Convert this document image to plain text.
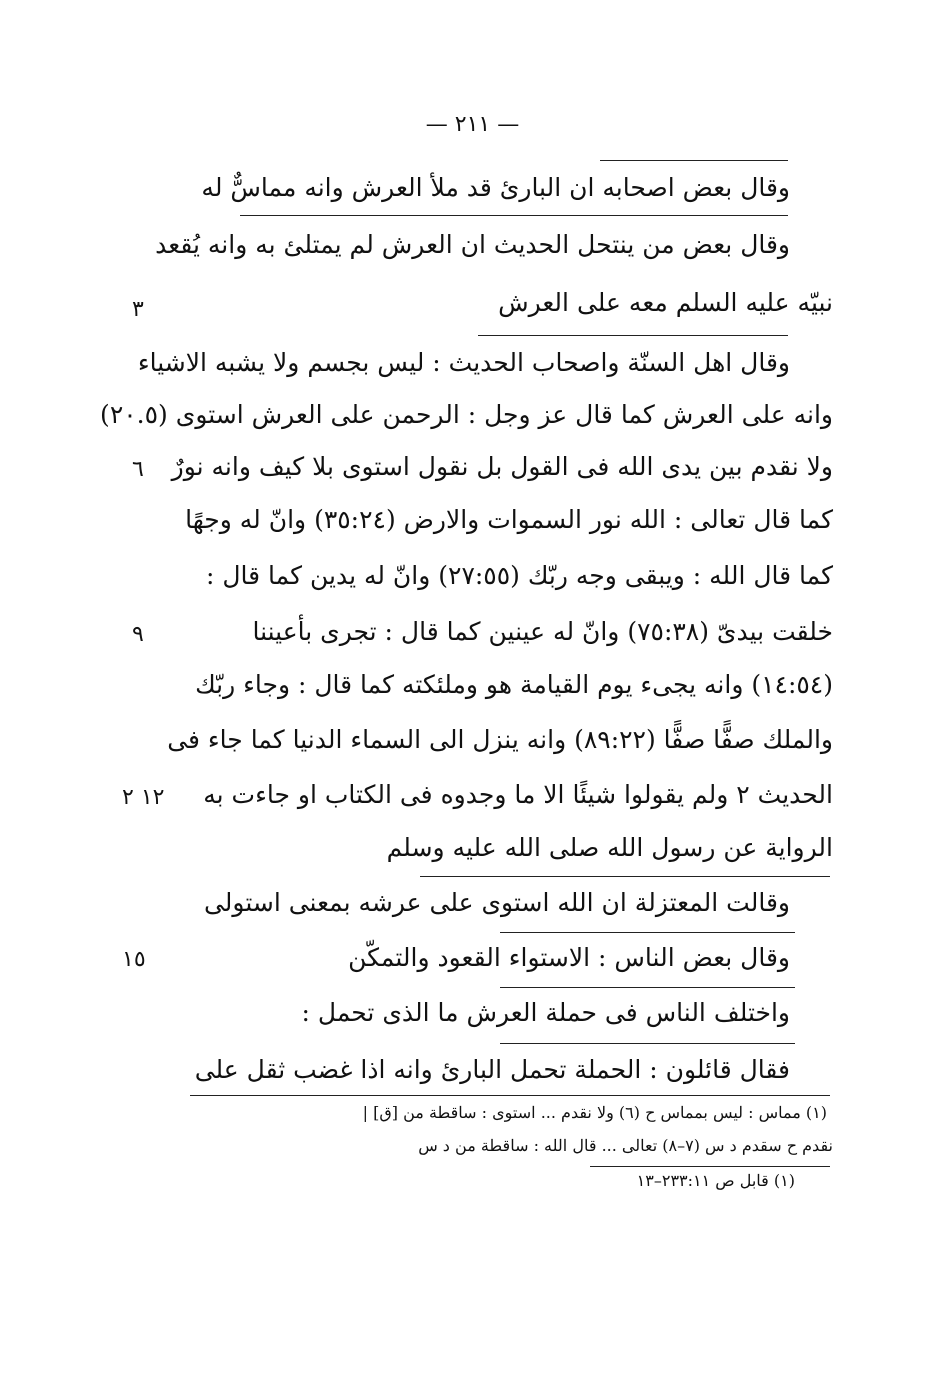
— ٢١١ —
وقال بعض اصحابه ان البارئ قد ملأ العرش وانه مماسٌّ له
وقال بعض من ينتحل الحديث ان العرش لم يمتلئ به وانه يُقعد
نبيّه عليه السلم معه على العرش
وقال اهل السنّة واصحاب الحديث : ليس بجسم ولا يشبه الاشياء
وانه على العرش كما قال عز وجل : الرحمن على العرش استوى (٢٠.٥)
ولا نقدم بين يدى الله فى القول بل نقول استوى بلا كيف وانه نورٌ
كما قال تعالى : الله نور السموات والارض (٣٥:٢٤) وانّ له وجهًا
كما قال الله : ويبقى وجه ربّك (٢٧:٥٥) وانّ له يدين كما قال :
خلقت بيدىّ (٧٥:٣٨) وانّ له عينين كما قال : تجرى بأعيننا
(١٤:٥٤) وانه يجىء يوم القيامة هو وملئكته كما قال : وجاء ربّك
والملك صفًّا صفًّا (٨٩:٢٢) وانه ينزل الى السماء الدنيا كما جاء فى
الحديث ٢ ولم يقولوا شيئًا الا ما وجدوه فى الكتاب او جاءت به
الرواية عن رسول الله صلى الله عليه وسلم
وقالت المعتزلة ان الله استوى على عرشه بمعنى استولى
وقال بعض الناس : الاستواء القعود والتمكّن
واختلف الناس فى حملة العرش ما الذى تحمل :
فقال قائلون : الحملة تحمل البارئ وانه اذا غضب ثقل على
٣
٦
٩
١٢ ٢
١٥
(١) مماس : ليس بمماس ح (٦) ولا نقدم ... استوى : ساقطة من [ق] |
نقدم ح سقدم د س (٧–٨) تعالى ... قال الله : ساقطة من د س
(١) قابل ص ٢٣٣:١١–١٣
